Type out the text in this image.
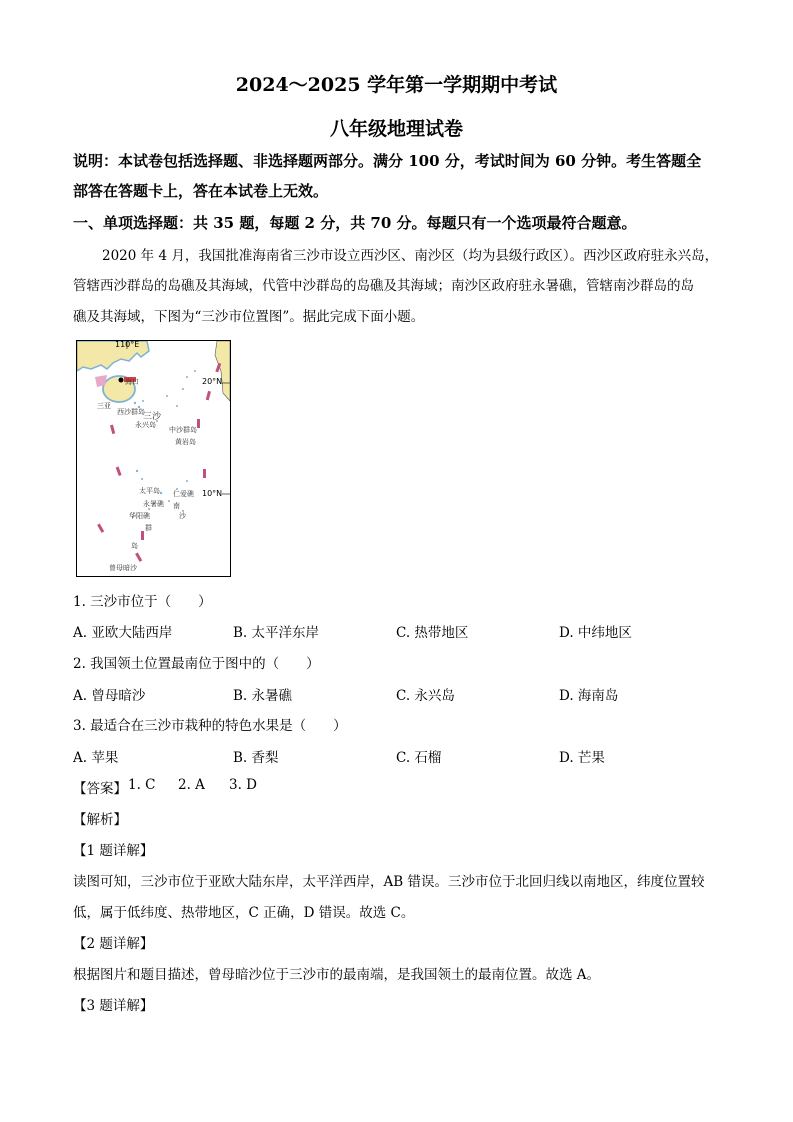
2024～2025 学年第一学期期中考试
八年级地理试卷
说明：本试卷包括选择题、非选择题两部分。满分 100 分，考试时间为 60 分钟。考生答题全
部答在答题卡上，答在本试卷上无效。
一、单项选择题：共 35 题，每题 2 分，共 70 分。每题只有一个选项最符合题意。
2020 年 4 月，我国批准海南省三沙市设立西沙区、南沙区（均为县级行政区）。西沙区政府驻永兴岛，
管辖西沙群岛的岛礁及其海域，代管中沙群岛的岛礁及其海域；南沙区政府驻永暑礁，管辖南沙群岛的岛
礁及其海域，下图为“三沙市位置图”。据此完成下面小题。
110°E
20°N
10°N
海口
三亚
西沙群岛
三沙
永兴岛
中沙群岛
黄岩岛
太平岛
永暑礁
仁爱礁
华阳礁
南
沙
群
岛
曾母暗沙
1. 三沙市位于（　　）
A. 亚欧大陆西岸	B. 太平洋东岸	C. 热带地区	D. 中纬地区
2. 我国领土位置最南位于图中的（　　）
A. 曾母暗沙	B. 永暑礁	C. 永兴岛	D. 海南岛
3. 最适合在三沙市栽种的特色水果是（　　）
A. 苹果	B. 香梨	C. 石榴	D. 芒果
【答案】 1. C 2. A 3. D
【解析】
【1 题详解】
读图可知，三沙市位于亚欧大陆东岸，太平洋西岸，AB 错误。三沙市位于北回归线以南地区，纬度位置较
低，属于低纬度、热带地区，C 正确，D 错误。故选 C。
【2 题详解】
根据图片和题目描述，曾母暗沙位于三沙市的最南端，是我国领土的最南位置。故选 A。
【3 题详解】
